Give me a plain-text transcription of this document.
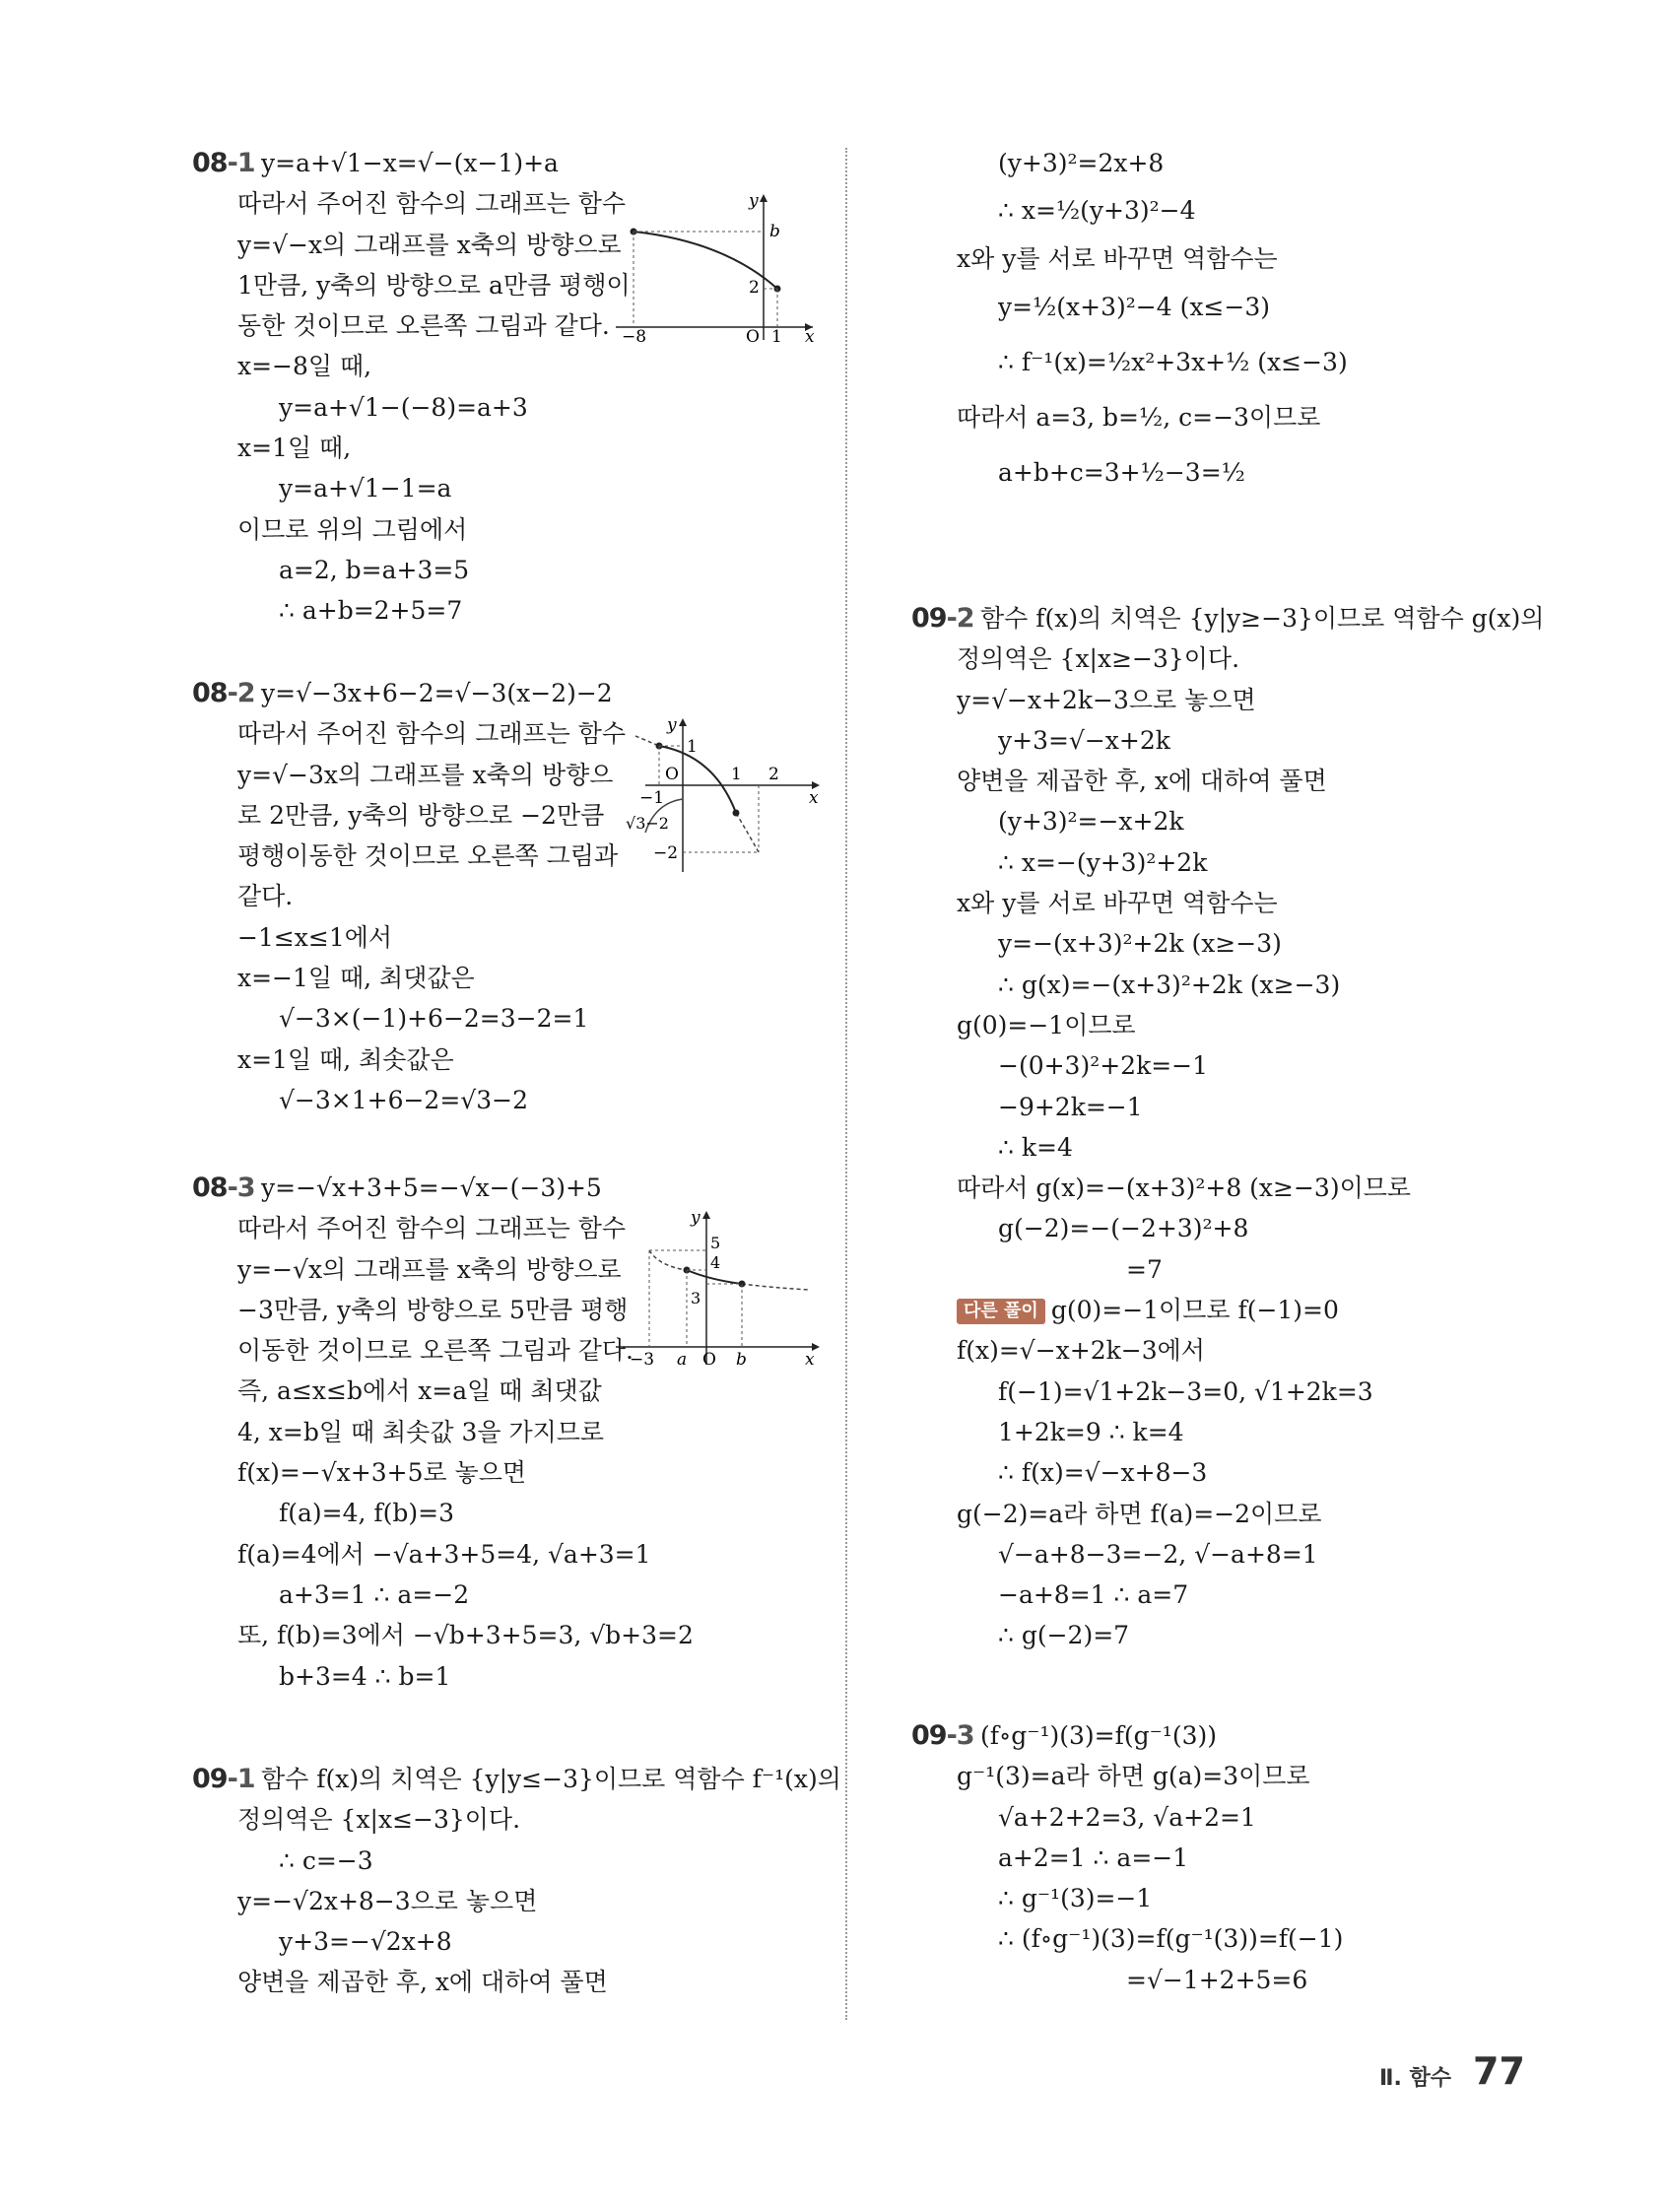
08-1 y=a+√1−x=√−(x−1)+a
따라서 주어진 함수의 그래프는 함수
y=√−x의 그래프를 x축의 방향으로
1만큼, y축의 방향으로 a만큼 평행이
동한 것이므로 오른쪽 그림과 같다.
x=−8일 때,
y=a+√1−(−8)=a+3
x=1일 때,
y=a+√1−1=a
이므로 위의 그림에서
a=2, b=a+3=5
∴ a+b=2+5=7
y
b
2
−8	O 1 x
08-2 y=√−3x+6−2=√−3(x−2)−2
따라서 주어진 함수의 그래프는 함수
y=√−3x의 그래프를 x축의 방향으
로 2만큼, y축의 방향으로 −2만큼
평행이동한 것이므로 오른쪽 그림과
같다.
−1≤x≤1에서
x=−1일 때, 최댓값은
√−3×(−1)+6−2=3−2=1
x=1일 때, 최솟값은
√−3×1+6−2=√3−2
y
1
O	1 2
−1	x
√3−2
−2
08-3 y=−√x+3+5=−√x−(−3)+5
따라서 주어진 함수의 그래프는 함수
y=−√x의 그래프를 x축의 방향으로
−3만큼, y축의 방향으로 5만큼 평행
이동한 것이므로 오른쪽 그림과 같다.
즉, a≤x≤b에서 x=a일 때 최댓값
4, x=b일 때 최솟값 3을 가지므로
f(x)=−√x+3+5로 놓으면
f(a)=4, f(b)=3
f(a)=4에서 −√a+3+5=4, √a+3=1
a+3=1 ∴ a=−2
또, f(b)=3에서 −√b+3+5=3, √b+3=2
b+3=4 ∴ b=1
y
5
4
3
−3 a O b	x
09-1 함수 f(x)의 치역은 {y|y≤−3}이므로 역함수 f⁻¹(x)의
정의역은 {x|x≤−3}이다.
∴ c=−3
y=−√2x+8−3으로 놓으면
y+3=−√2x+8
양변을 제곱한 후, x에 대하여 풀면
(y+3)²=2x+8
∴ x=½(y+3)²−4
x와 y를 서로 바꾸면 역함수는
y=½(x+3)²−4 (x≤−3)
∴ f⁻¹(x)=½x²+3x+½ (x≤−3)
따라서 a=3, b=½, c=−3이므로
a+b+c=3+½−3=½
09-2 함수 f(x)의 치역은 {y|y≥−3}이므로 역함수 g(x)의
정의역은 {x|x≥−3}이다.
y=√−x+2k−3으로 놓으면
y+3=√−x+2k
양변을 제곱한 후, x에 대하여 풀면
(y+3)²=−x+2k
∴ x=−(y+3)²+2k
x와 y를 서로 바꾸면 역함수는
y=−(x+3)²+2k (x≥−3)
∴ g(x)=−(x+3)²+2k (x≥−3)
g(0)=−1이므로
−(0+3)²+2k=−1
−9+2k=−1
∴ k=4
따라서 g(x)=−(x+3)²+8 (x≥−3)이므로
g(−2)=−(−2+3)²+8
=7
다른 풀이 g(0)=−1이므로 f(−1)=0
f(x)=√−x+2k−3에서
f(−1)=√1+2k−3=0, √1+2k=3
1+2k=9 ∴ k=4
∴ f(x)=√−x+8−3
g(−2)=a라 하면 f(a)=−2이므로
√−a+8−3=−2, √−a+8=1
−a+8=1 ∴ a=7
∴ g(−2)=7
09-3 (f∘g⁻¹)(3)=f(g⁻¹(3))
g⁻¹(3)=a라 하면 g(a)=3이므로
√a+2+2=3, √a+2=1
a+2=1 ∴ a=−1
∴ g⁻¹(3)=−1
∴ (f∘g⁻¹)(3)=f(g⁻¹(3))=f(−1)
=√−1+2+5=6
Ⅱ. 함수 77
